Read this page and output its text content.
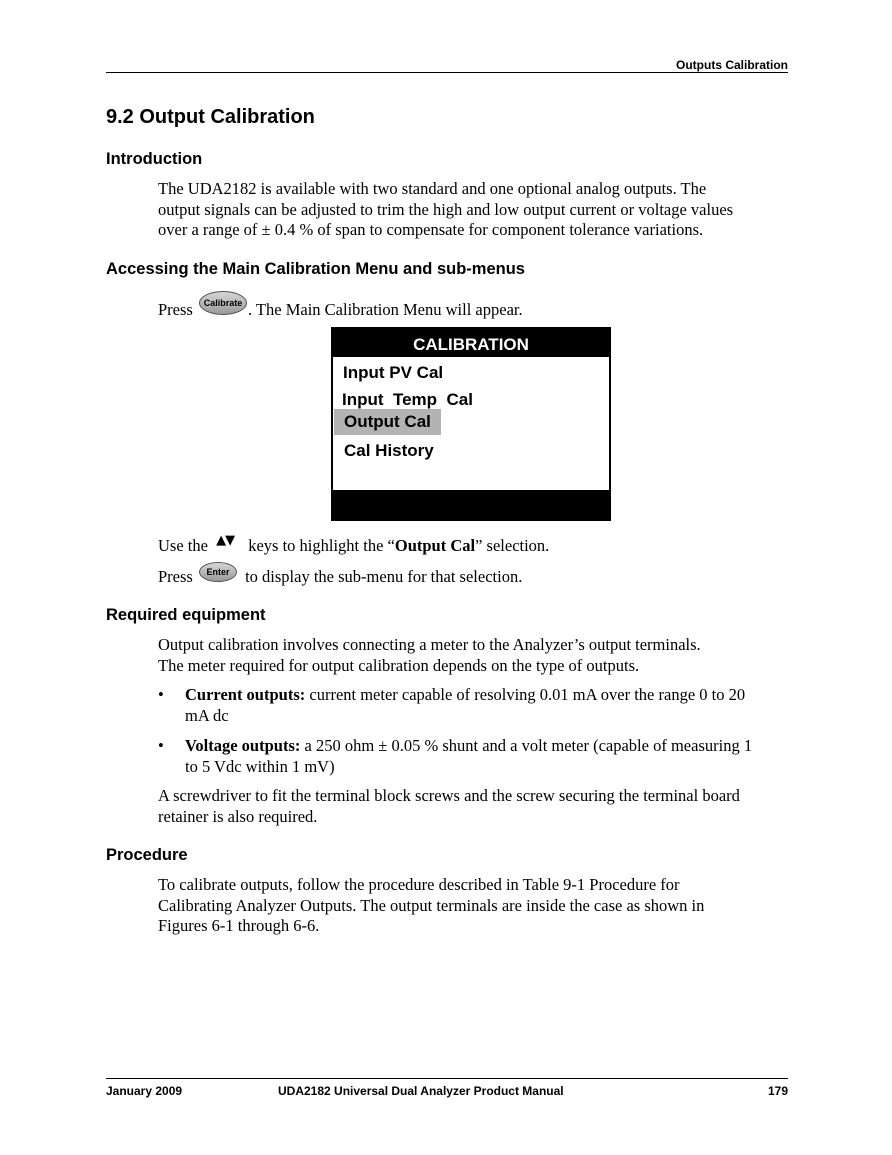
Outputs Calibration
9.2 Output Calibration
Introduction
The UDA2182 is available with two standard and one optional analog outputs. The
output signals can be adjusted to trim the high and low output current or voltage values
over a range of ± 0.4 % of span to compensate for component tolerance variations.
Accessing the Main Calibration Menu and sub-menus
Press Calibrate . The Main Calibration Menu will appear.
CALIBRATION
Input PV Cal
Input  Temp  Cal
Output Cal
Cal History
Use the ▲▼ keys to highlight the “Output Cal” selection.
Press Enter to display the sub-menu for that selection.
Required equipment
Output calibration involves connecting a meter to the Analyzer’s output terminals.
The meter required for output calibration depends on the type of outputs.
• Current outputs: current meter capable of resolving 0.01 mA over the range 0 to 20
mA dc
• Voltage outputs: a 250 ohm ± 0.05 % shunt and a volt meter (capable of measuring 1
to 5 Vdc within 1 mV)
A screwdriver to fit the terminal block screws and the screw securing the terminal board
retainer is also required.
Procedure
To calibrate outputs, follow the procedure described in Table 9-1 Procedure for
Calibrating Analyzer Outputs. The output terminals are inside the case as shown in
Figures 6-1 through 6-6.
January 2009	UDA2182 Universal Dual Analyzer Product Manual	179
